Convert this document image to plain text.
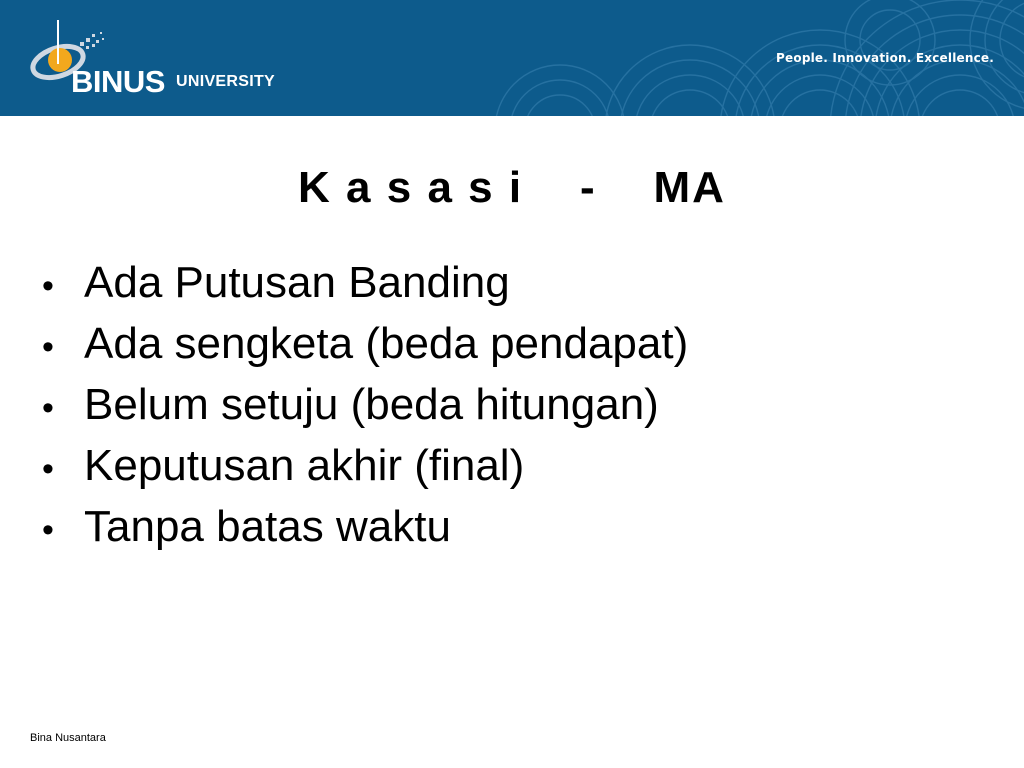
BINUS UNIVERSITY
People. Innovation. Excellence.
K a s a s i    -    MA
• Ada Putusan Banding
• Ada sengketa (beda pendapat)
• Belum setuju (beda hitungan)
• Keputusan akhir (final)
• Tanpa batas waktu
Bina Nusantara
